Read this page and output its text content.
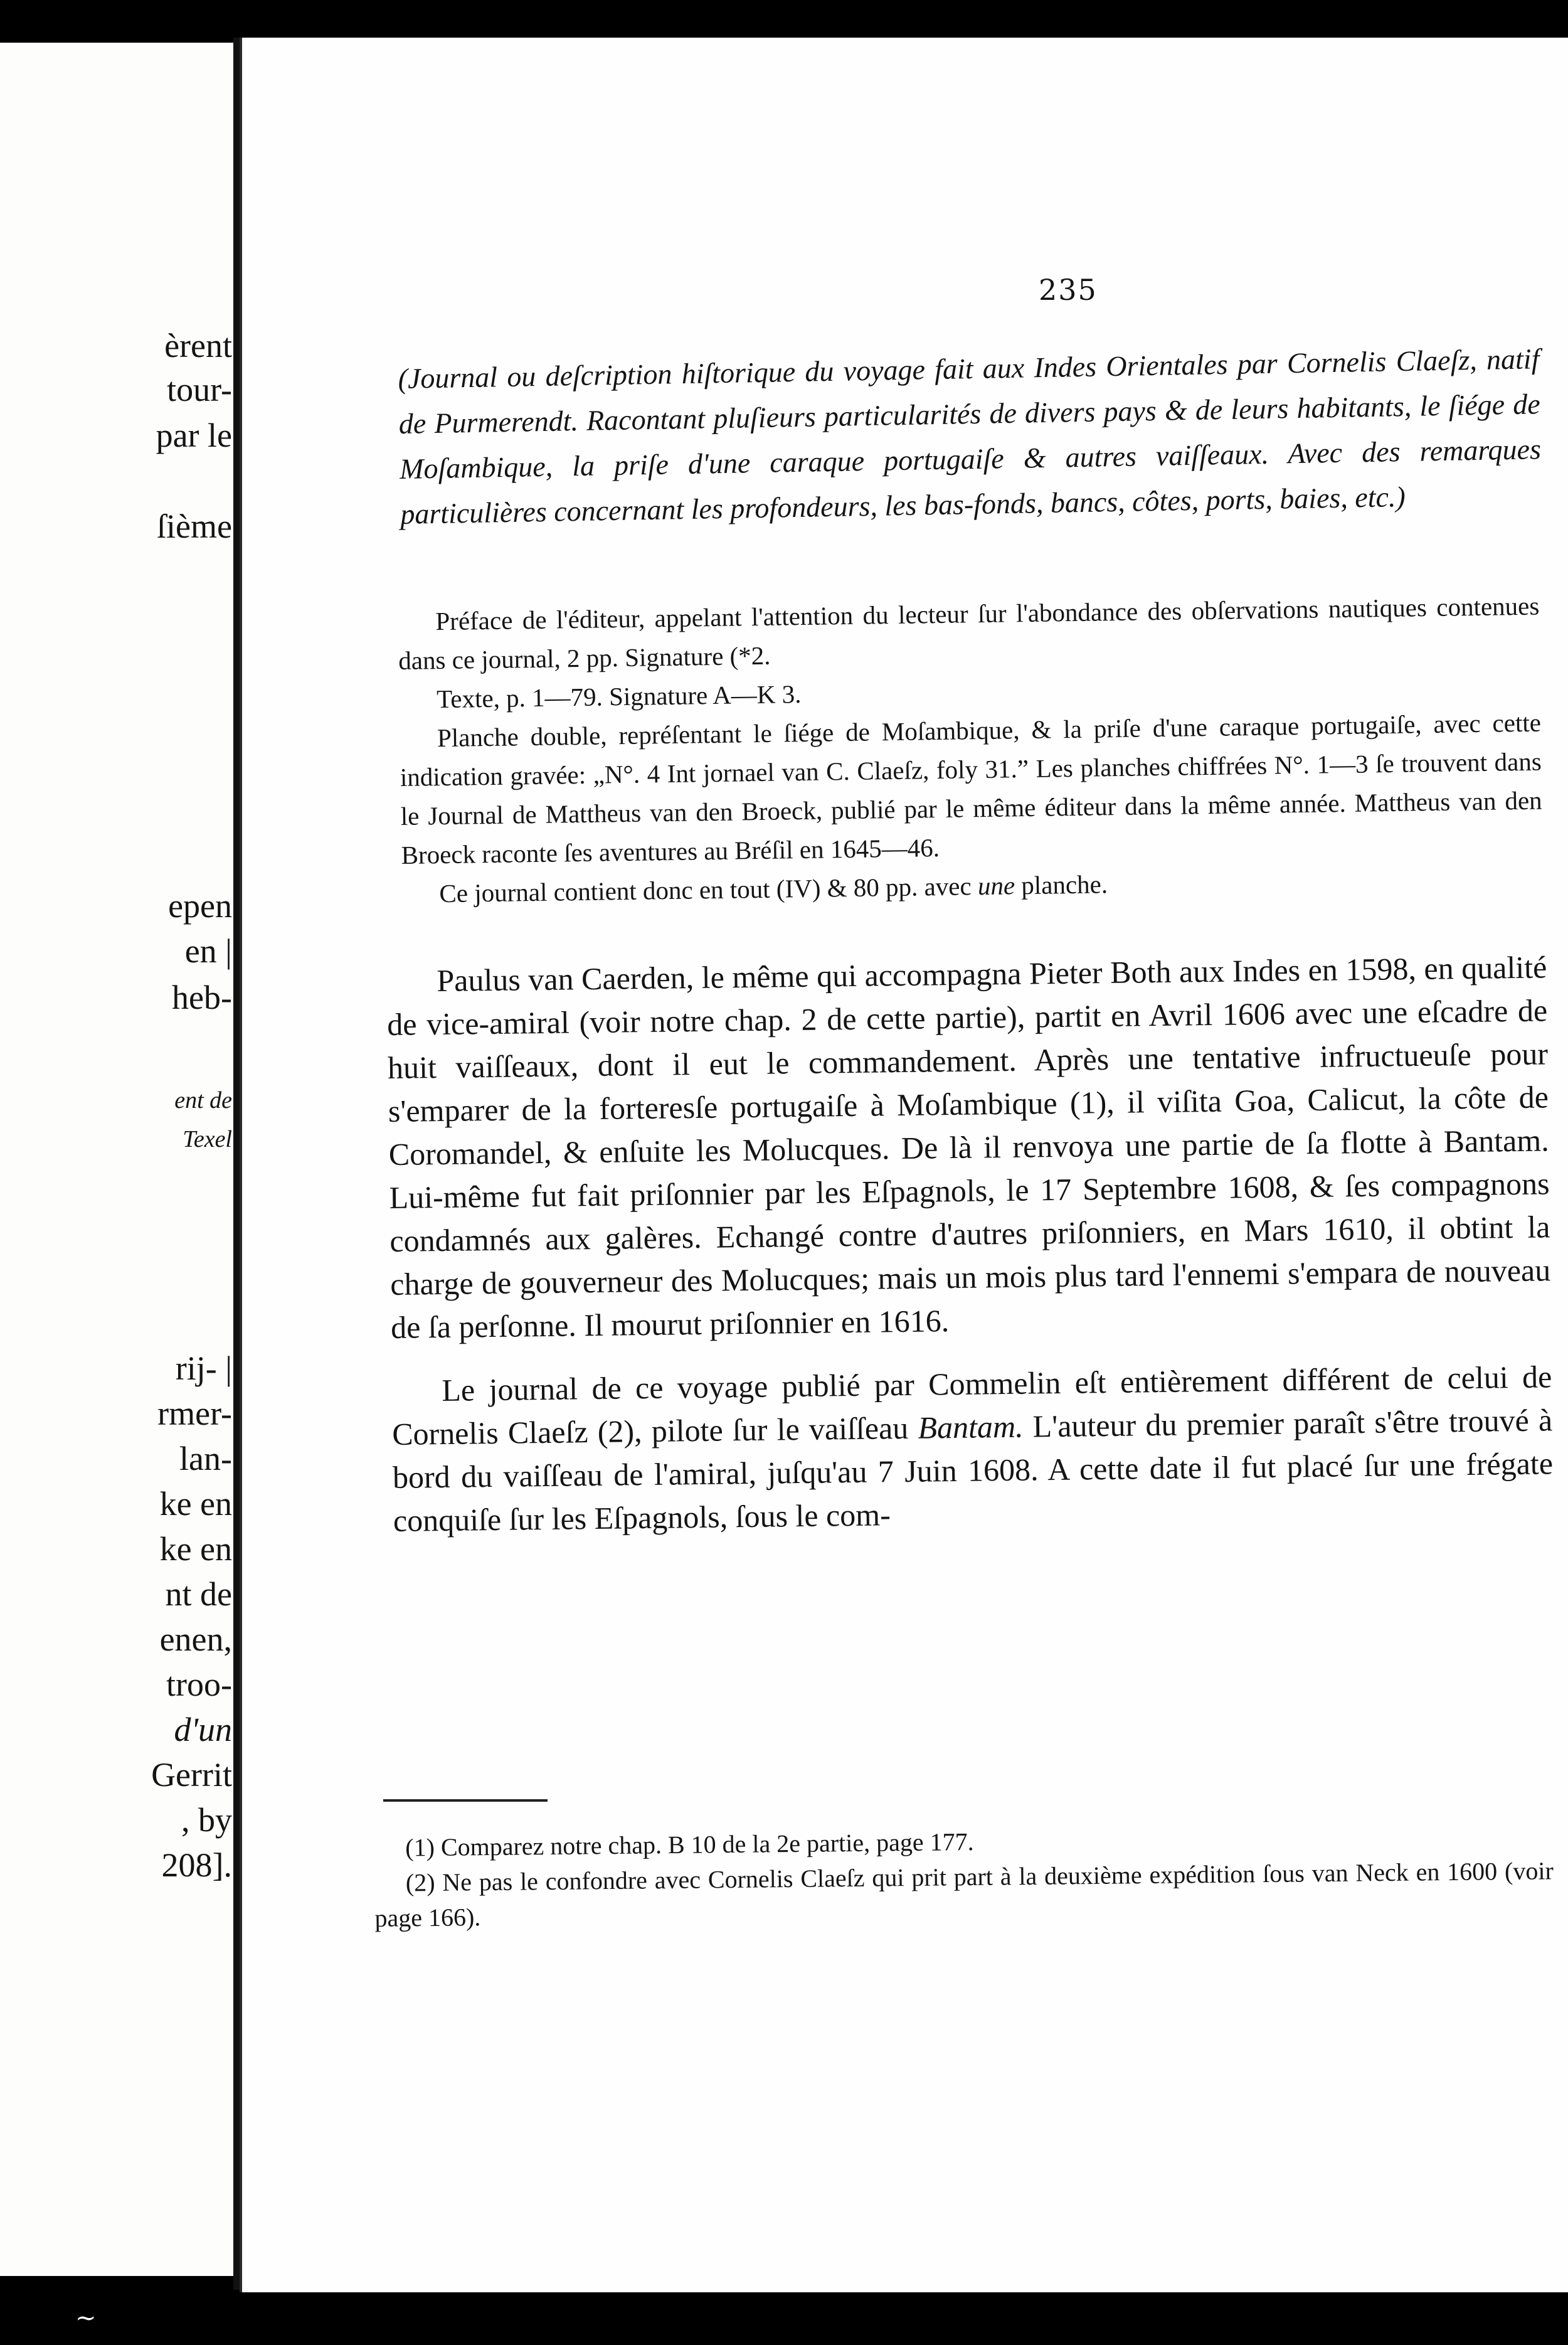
ѐrent

tour-

par le

ſième

epen

en |

heb-

ent de

Texel

rij- |

rmer-

lan-

ke en

ke en

nt de

enen,

troo-

d'un

Gerrit

, by

208].

235
(Journal ou deſcription hiſtorique du voyage fait aux Indes Orientales par Cornelis Claeſz, natif de Purmerendt. Racontant pluſieurs particularités de divers pays & de leurs habitants, le ſiége de Moſambique, la priſe d'une caraque portugaiſe & autres vaiſſeaux. Avec des remarques particulières concernant les profondeurs, les bas-fonds, bancs, côtes, ports, baies, etc.)

Préface de l'éditeur, appelant l'attention du lecteur ſur l'abondance des obſervations nautiques contenues dans ce journal, 2 pp. Signature (*2.

Texte, p. 1—79. Signature A—K 3.

Planche double, repréſentant le ſiége de Moſambique, & la priſe d'une caraque portugaiſe, avec cette indication gravée: „N°. 4 Int jornael van C. Claeſz, foly 31.” Les planches chiffrées N°. 1—3 ſe trouvent dans le Journal de Mattheus van den Broeck, publié par le même éditeur dans la même année. Mattheus van den Broeck raconte ſes aventures au Bréſil en 1645—46.

Ce journal contient donc en tout (IV) & 80 pp. avec une planche.

Paulus van Caerden, le même qui accompagna Pieter Both aux Indes en 1598, en qualité de vice-amiral (voir notre chap. 2 de cette partie), partit en Avril 1606 avec une eſcadre de huit vaiſſeaux, dont il eut le commandement. Après une tentative infructueuſe pour s'emparer de la forteresſe portugaiſe à Moſambique (1), il viſita Goa, Calicut, la côte de Coromandel, & enſuite les Molucques. De là il renvoya une partie de ſa flotte à Bantam. Lui-même fut fait priſonnier par les Eſpagnols, le 17 Septembre 1608, & ſes compagnons condamnés aux galères. Echangé contre d'autres priſonniers, en Mars 1610, il obtint la charge de gouverneur des Molucques; mais un mois plus tard l'ennemi s'empara de nouveau de ſa perſonne. Il mourut priſonnier en 1616.

Le journal de ce voyage publié par Commelin eſt entièrement différent de celui de Cornelis Claeſz (2), pilote ſur le vaiſſeau Bantam. L'auteur du premier paraît s'être trouvé à bord du vaiſſeau de l'amiral, juſqu'au 7 Juin 1608. A cette date il fut placé ſur une frégate conquiſe ſur les Eſpagnols, ſous le com-

(1) Comparez notre chap. B 10 de la 2e partie, page 177.

(2) Ne pas le confondre avec Cornelis Claeſz qui prit part à la deuxième expédition ſous van Neck en 1600 (voir page 166).

~
